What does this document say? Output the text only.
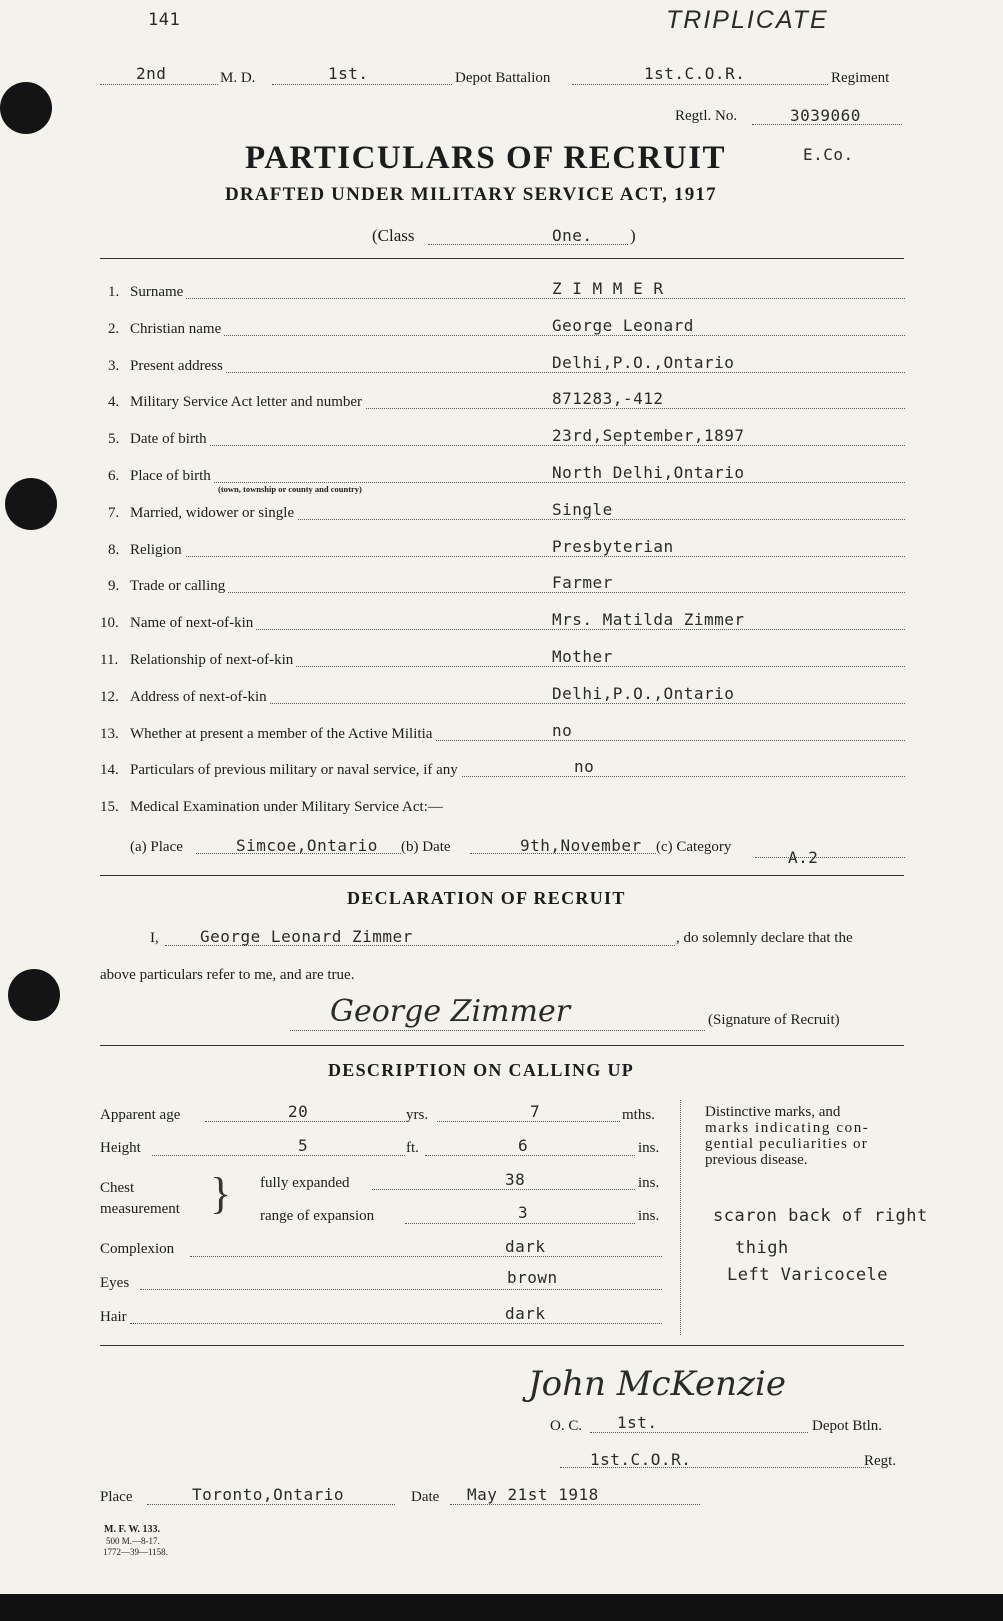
141	TRIPLICATE
2nd	M. D.	1st.	Depot Battalion	1st.C.O.R.	Regiment
Regtl. No.	3039060
E.Co.
PARTICULARS OF RECRUIT
DRAFTED UNDER MILITARY SERVICE ACT, 1917
(Class	One. )
1. Surname	Z I M M E R
2. Christian name	George Leonard
3. Present address	Delhi,P.O.,Ontario
4. Military Service Act letter and number	871283,-412
5. Date of birth	23rd,September,1897
6. Place of birth
(town, township or county and country)
North Delhi,Ontario
7. Married, widower or single	Single
8. Religion	Presbyterian
9. Trade or calling	Farmer
10. Name of next-of-kin	Mrs. Matilda Zimmer
11. Relationship of next-of-kin	Mother
12. Address of next-of-kin	Delhi,P.O.,Ontario
13. Whether at present a member of the Active Militia	no
14. Particulars of previous military or naval service, if any	no
15. Medical Examination under Military Service Act:—
(a) Place	Simcoe,Ontario (b) Date	9th,November (c) Category
A.2
DECLARATION OF RECRUIT
I,	George Leonard Zimmer	, do solemnly declare that the
above particulars refer to me, and are true.
George Zimmer	(Signature of Recruit)
DESCRIPTION ON CALLING UP
Apparent age	20	yrs.	7	mths.
Height	5	ft.	6	ins.
Chest
measurement } fully expanded	38	ins.
range of expansion	3	ins.
Complexion	dark
Eyes	brown
Hair	dark
Distinctive marks, and
marks indicating con-
gential peculiarities or
previous disease.
scaron back of right
thigh
Left Varicocele
John McKenzie
O. C. 1st.	Depot Btln.
1st.C.O.R.	Regt.
Place	Toronto,Ontario	Date May 21st 1918
M. F. W. 133.
500 M.—8-17.
1772—39—1158.
